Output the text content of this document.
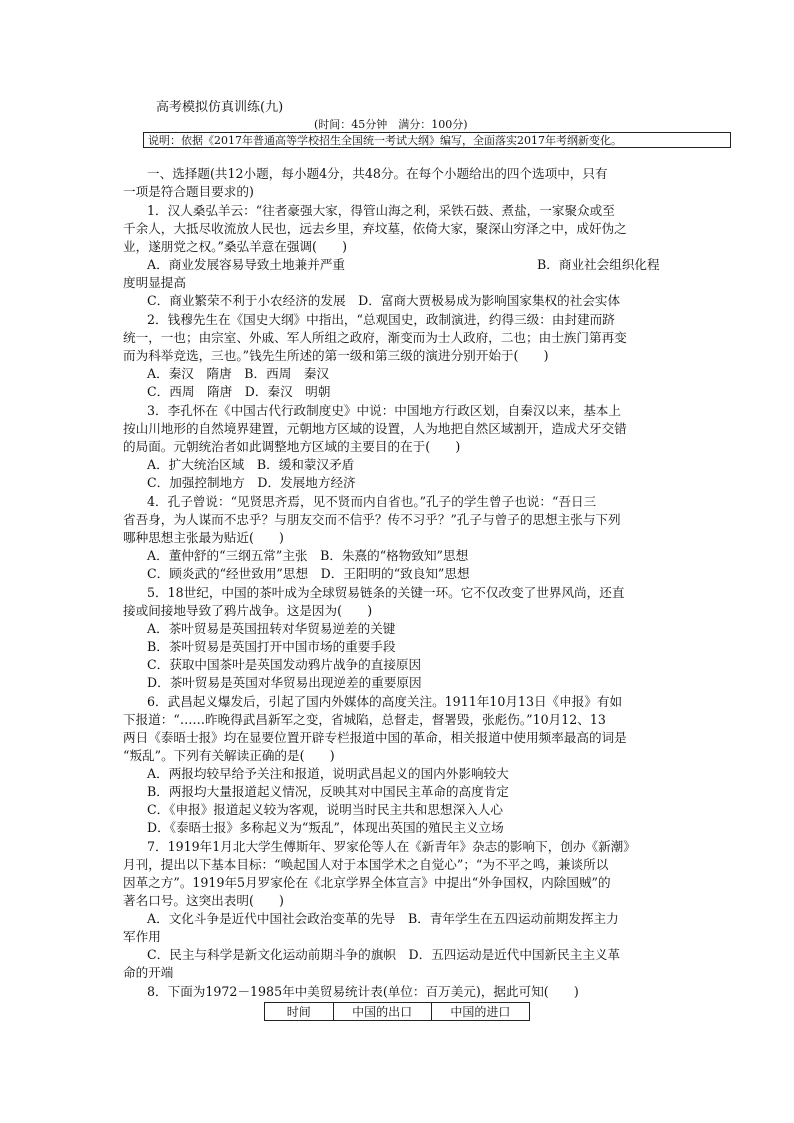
高考模拟仿真训练(九)
(时间：45分钟　满分：100分)
说明：依据《2017年普通高等学校招生全国统一考试大纲》编写，全面落实2017年考纲新变化。
一、选择题(共12小题，每小题4分，共48分。在每个小题给出的四个选项中，只有
一项是符合题目要求的)
1．汉人桑弘羊云：“往者豪强大家，得管山海之利，采铁石鼓、煮盐，一家聚众或至
千余人，大抵尽收流放人民也，远去乡里，弃坟墓，依倚大家，聚深山穷泽之中，成奸伪之
业，遂朋党之权。”桑弘羊意在强调(　　)
A．商业发展容易导致土地兼并严重	B．商业社会组织化程
度明显提高
C．商业繁荣不利于小农经济的发展　D．富商大贾极易成为影响国家集权的社会实体
2．钱穆先生在《国史大纲》中指出，“总观国史，政制演进，约得三级：由封建而跻
统一，一也；由宗室、外戚、军人所组之政府，渐变而为士人政府，二也；由士族门第再变
而为科举竞选，三也。”钱先生所述的第一级和第三级的演进分别开始于(　　)
A．秦汉　隋唐　B．西周　秦汉
C．西周　隋唐　D．秦汉　明朝
3．李孔怀在《中国古代行政制度史》中说：中国地方行政区划，自秦汉以来，基本上
按山川地形的自然境界建置，元朝地方区域的设置，人为地把自然区域割开，造成犬牙交错
的局面。元朝统治者如此调整地方区域的主要目的在于(　　)
A．扩大统治区域　B．缓和蒙汉矛盾
C．加强控制地方　D．发展地方经济
4．孔子曾说：“见贤思齐焉，见不贤而内自省也。”孔子的学生曾子也说：“吾日三
省吾身，为人谋而不忠乎？与朋友交而不信乎？传不习乎？”孔子与曾子的思想主张与下列
哪种思想主张最为贴近(　　)
A．董仲舒的“三纲五常”主张　B．朱熹的“格物致知”思想
C．顾炎武的“经世致用”思想　D．王阳明的“致良知”思想
5．18世纪，中国的茶叶成为全球贸易链条的关键一环。它不仅改变了世界风尚，还直
接或间接地导致了鸦片战争。这是因为(　　)
A．茶叶贸易是英国扭转对华贸易逆差的关键
B．茶叶贸易是英国打开中国市场的重要手段
C．获取中国茶叶是英国发动鸦片战争的直接原因
D．茶叶贸易是英国对华贸易出现逆差的重要原因
6．武昌起义爆发后，引起了国内外媒体的高度关注。1911年10月13日《申报》有如
下报道：“……昨晚得武昌新军之变，省城陷，总督走，督署毁，张彪伤。”10月12、13
两日《泰晤士报》均在显要位置开辟专栏报道中国的革命，相关报道中使用频率最高的词是
“叛乱”。下列有关解读正确的是(　　)
A．两报均较早给予关注和报道，说明武昌起义的国内外影响较大
B．两报均大量报道起义情况，反映其对中国民主革命的高度肯定
C．《申报》报道起义较为客观，说明当时民主共和思想深入人心
D．《泰晤士报》多称起义为“叛乱”，体现出英国的殖民主义立场
7．1919年1月北大学生傅斯年、罗家伦等人在《新青年》杂志的影响下，创办《新潮》
月刊，提出以下基本目标：“唤起国人对于本国学术之自觉心”；“为不平之鸣，兼谈所以
因革之方”。1919年5月罗家伦在《北京学界全体宣言》中提出“外争国权，内除国贼”的
著名口号。这突出表明(　　)
A．文化斗争是近代中国社会政治变革的先导　B．青年学生在五四运动前期发挥主力
军作用
C．民主与科学是新文化运动前期斗争的旗帜　D．五四运动是近代中国新民主主义革
命的开端
8．下面为1972－1985年中美贸易统计表(单位：百万美元)，据此可知(　　)
时间	中国的出口	中国的进口
